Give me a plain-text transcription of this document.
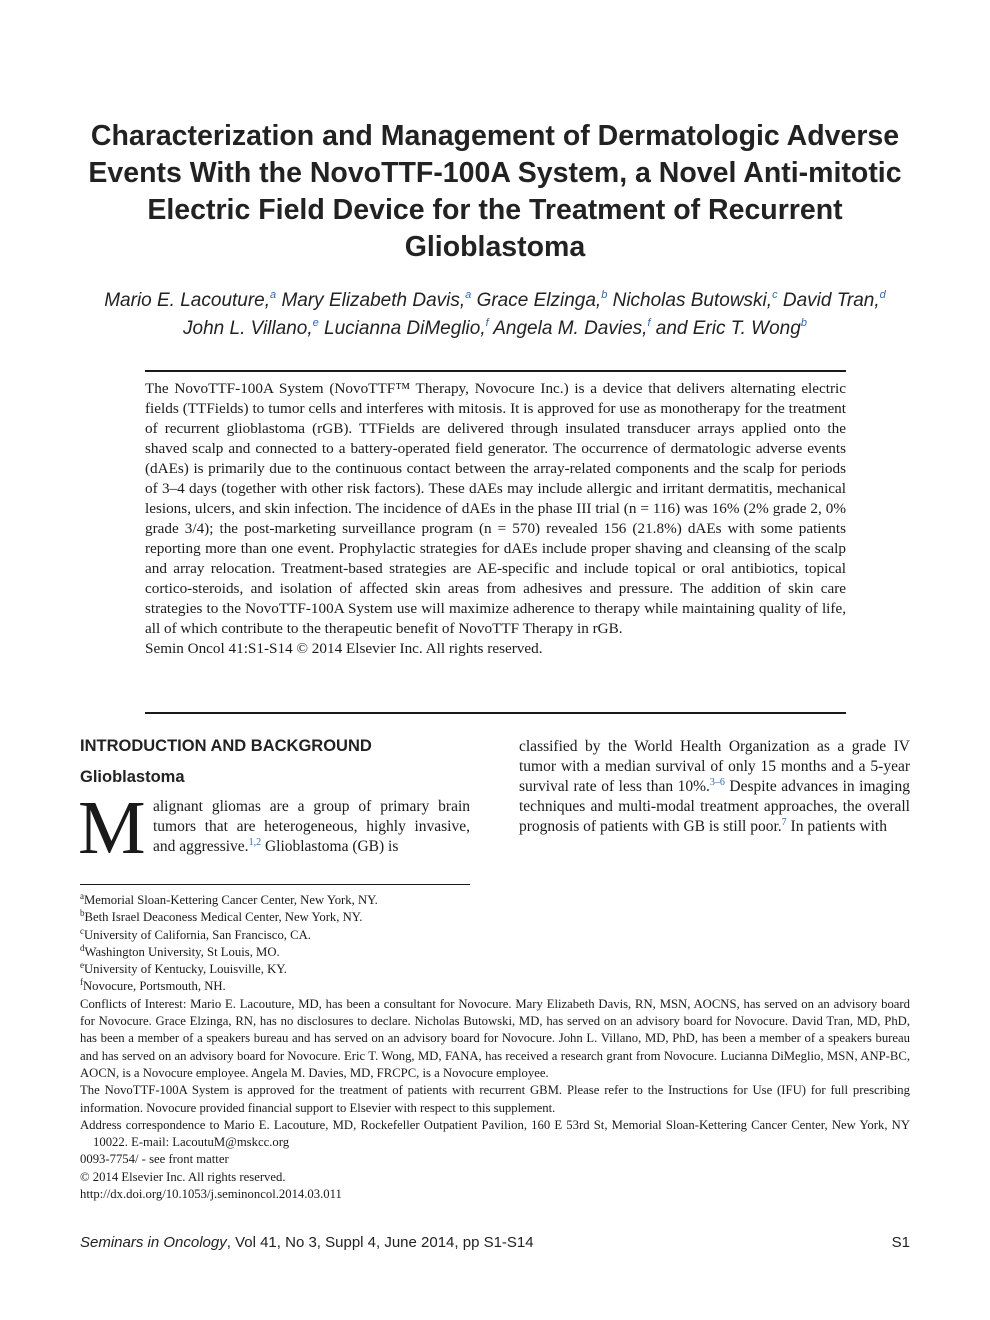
Characterization and Management of Dermatologic Adverse Events With the NovoTTF-100A System, a Novel Anti-mitotic Electric Field Device for the Treatment of Recurrent Glioblastoma
Mario E. Lacouture,$^a$ Mary Elizabeth Davis,$^a$ Grace Elzinga,$^b$ Nicholas Butowski,$^c$ David Tran,$^d$
John L. Villano,$^e$ Lucianna DiMeglio,$^f$ Angela M. Davies,$^f$ and Eric T. Wong$^b$

The NovoTTF-100A System (NovoTTF™ Therapy, Novocure Inc.) is a device that delivers alternating electric fields (TTFields) to tumor cells and interferes with mitosis. It is approved for use as monotherapy for the treatment of recurrent glioblastoma (rGB). TTFields are delivered through insulated transducer arrays applied onto the shaved scalp and connected to a battery-operated field generator. The occurrence of dermatologic adverse events (dAEs) is primarily due to the continuous contact between the array-related components and the scalp for periods of 3–4 days (together with other risk factors). These dAEs may include allergic and irritant dermatitis, mechanical lesions, ulcers, and skin infection. The incidence of dAEs in the phase III trial (n = 116) was 16% (2% grade 2, 0% grade 3/4); the post-marketing surveillance program (n = 570) revealed 156 (21.8%) dAEs with some patients reporting more than one event. Prophylactic strategies for dAEs include proper shaving and cleansing of the scalp and array relocation. Treatment-based strategies are AE-specific and include topical or oral antibiotics, topical cortico-steroids, and isolation of affected skin areas from adhesives and pressure. The addition of skin care strategies to the NovoTTF-100A System use will maximize adherence to therapy while maintaining quality of life, all of which contribute to the therapeutic benefit of NovoTTF Therapy in rGB.

Semin Oncol 41:S1-S14 © 2014 Elsevier Inc. All rights reserved.

INTRODUCTION AND BACKGROUND
Glioblastoma
M alignant gliomas are a group of primary brain tumors that are heterogeneous, highly invasive, and aggressive.$^{1,2}$ Glioblastoma (GB) is

classified by the World Health Organization as a grade IV tumor with a median survival of only 15 months and a 5-year survival rate of less than 10%.$^{3-6}$ Despite advances in imaging techniques and multi-modal treatment approaches, the overall prognosis of patients with GB is still poor.$^7$ In patients with

$^a$Memorial Sloan-Kettering Cancer Center, New York, NY.
$^b$Beth Israel Deaconess Medical Center, New York, NY.
$^c$University of California, San Francisco, CA.
$^d$Washington University, St Louis, MO.
$^e$University of Kentucky, Louisville, KY.
$^f$Novocure, Portsmouth, NH.

Conflicts of Interest: Mario E. Lacouture, MD, has been a consultant for Novocure. Mary Elizabeth Davis, RN, MSN, AOCNS, has served on an advisory board for Novocure. Grace Elzinga, RN, has no disclosures to declare. Nicholas Butowski, MD, has served on an advisory board for Novocure. David Tran, MD, PhD, has been a member of a speakers bureau and has served on an advisory board for Novocure. John L. Villano, MD, PhD, has been a member of a speakers bureau and has served on an advisory board for Novocure. Eric T. Wong, MD, FANA, has received a research grant from Novocure. Lucianna DiMeglio, MSN, ANP-BC, AOCN, is a Novocure employee. Angela M. Davies, MD, FRCPC, is a Novocure employee.

The NovoTTF-100A System is approved for the treatment of patients with recurrent GBM. Please refer to the Instructions for Use (IFU) for full prescribing information. Novocure provided financial support to Elsevier with respect to this supplement.

Address correspondence to Mario E. Lacouture, MD, Rockefeller Outpatient Pavilion, 160 E 53rd St, Memorial Sloan-Kettering Cancer Center, New York, NY 10022. E-mail: LacoutuM@mskcc.org

0093-7754/ - see front matter

© 2014 Elsevier Inc. All rights reserved.

http://dx.doi.org/10.1053/j.seminoncol.2014.03.011

Seminars in Oncology, Vol 41, No 3, Suppl 4, June 2014, pp S1-S14	S1
